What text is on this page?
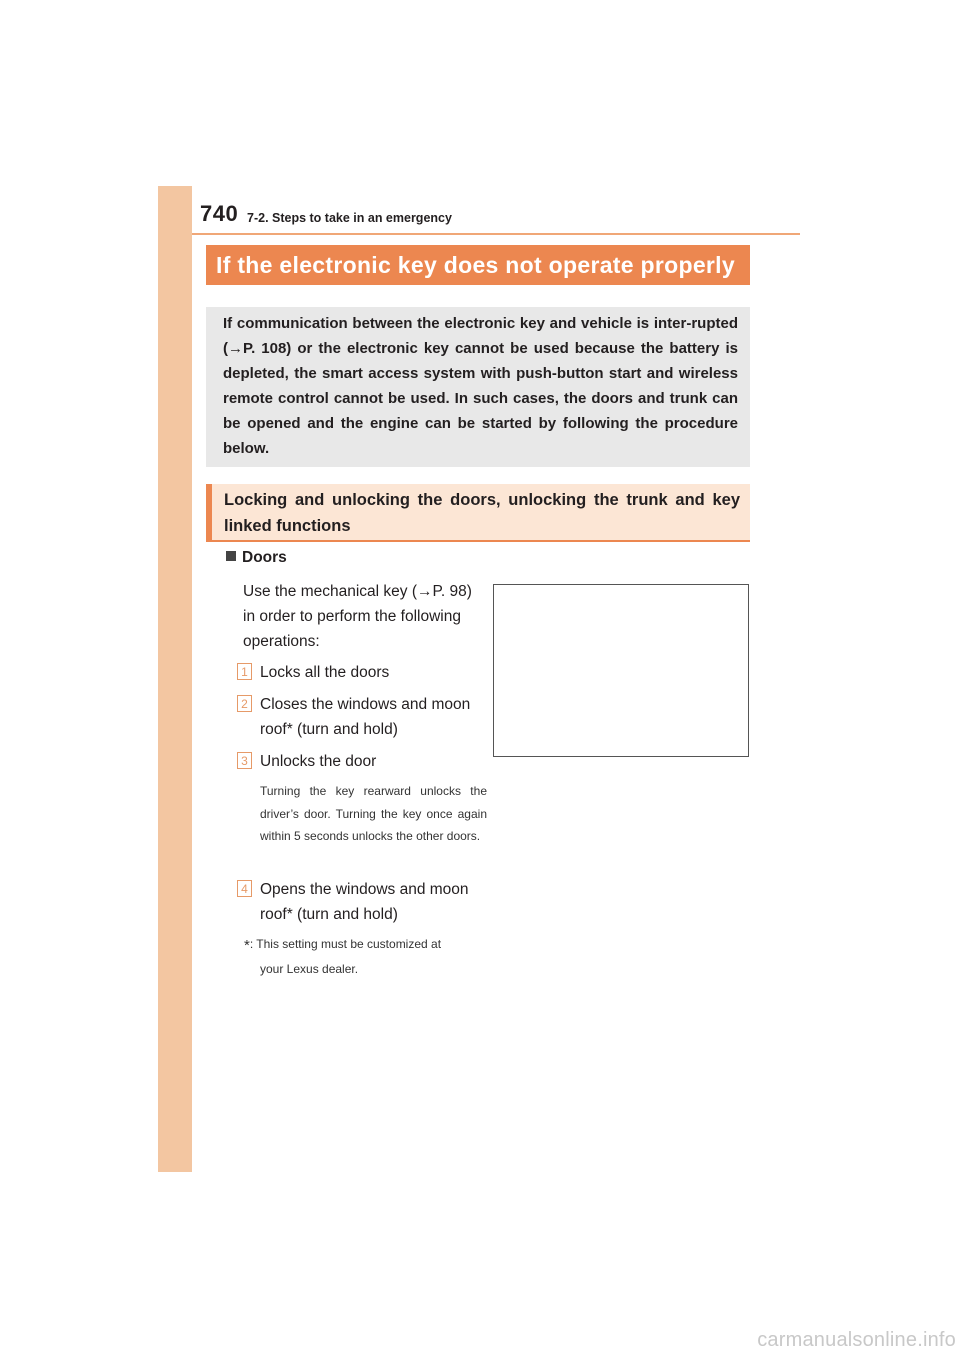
740 7-2. Steps to take in an emergency
If the electronic key does not operate properly

If communication between the electronic key and vehicle is inter-rupted (→P. 108) or the electronic key cannot be used because the battery is depleted, the smart access system with push-button start and wireless remote control cannot be used. In such cases, the doors and trunk can be opened and the engine can be started by following the procedure below.

Locking and unlocking the doors, unlocking the trunk and key linked functions
Doors

Use the mechanical key (→P. 98) in order to perform the following operations:

1 Locks all the doors
2 Closes the windows and moon roof* (turn and hold)
3 Unlocks the door
Turning the key rearward unlocks the driver’s door. Turning the key once again within 5 seconds unlocks the other doors.
4 Opens the windows and moon roof* (turn and hold)
*: This setting must be customized at
your Lexus dealer.
carmanualsonline.info
